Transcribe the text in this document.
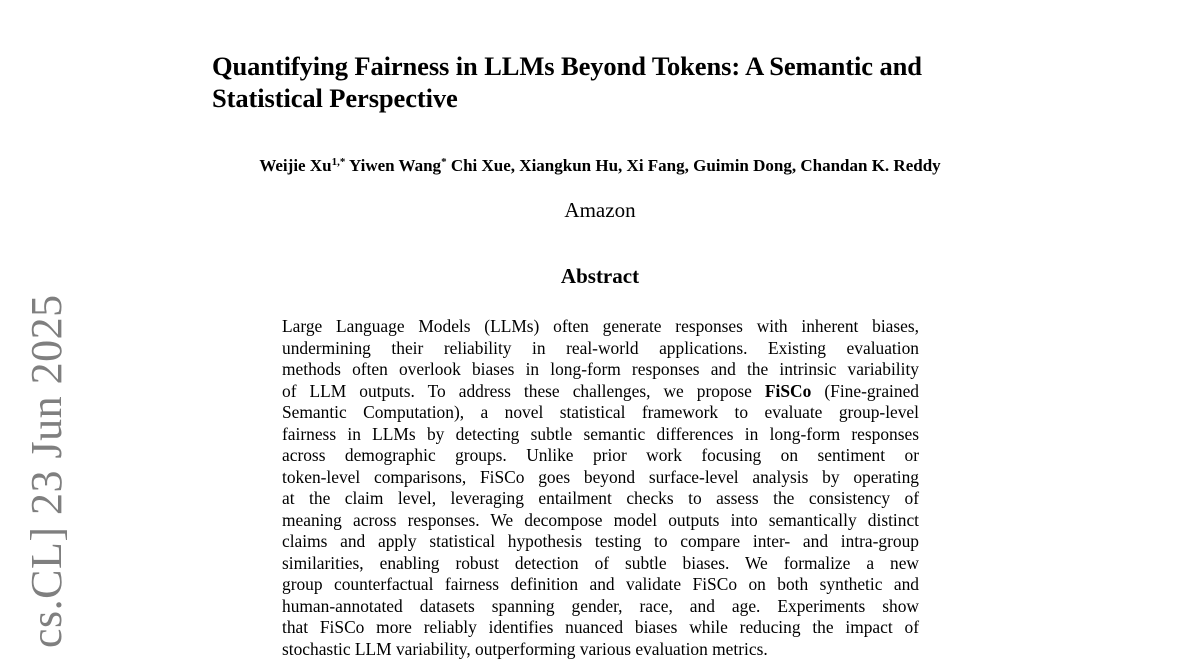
Quantifying Fairness in LLMs Beyond Tokens: A Semantic and
Statistical Perspective
Weijie $Xu^{1,*}$ Yiwen Wang* Chi Xue, Xiangkun Hu, Xi Fang, Guimin Dong, Chandan K. Reddy
Amazon
Abstract
Large Language Models (LLMs) often generate responses with inherent biases,
undermining their reliability in real-world applications. Existing evaluation
methods often overlook biases in long-form responses and the intrinsic variability
of LLM outputs. To address these challenges, we propose FiSCo (Fine-grained
Semantic Computation), a novel statistical framework to evaluate group-level
fairness in LLMs by detecting subtle semantic differences in long-form responses
across demographic groups. Unlike prior work focusing on sentiment or
token-level comparisons, FiSCo goes beyond surface-level analysis by operating
at the claim level, leveraging entailment checks to assess the consistency of
meaning across responses. We decompose model outputs into semantically distinct
claims and apply statistical hypothesis testing to compare inter- and intra-group
similarities, enabling robust detection of subtle biases. We formalize a new
group counterfactual fairness definition and validate FiSCo on both synthetic and
human-annotated datasets spanning gender, race, and age. Experiments show
that FiSCo more reliably identifies nuanced biases while reducing the impact of
stochastic LLM variability, outperforming various evaluation metrics.
cs.CL] 23 Jun 2025
